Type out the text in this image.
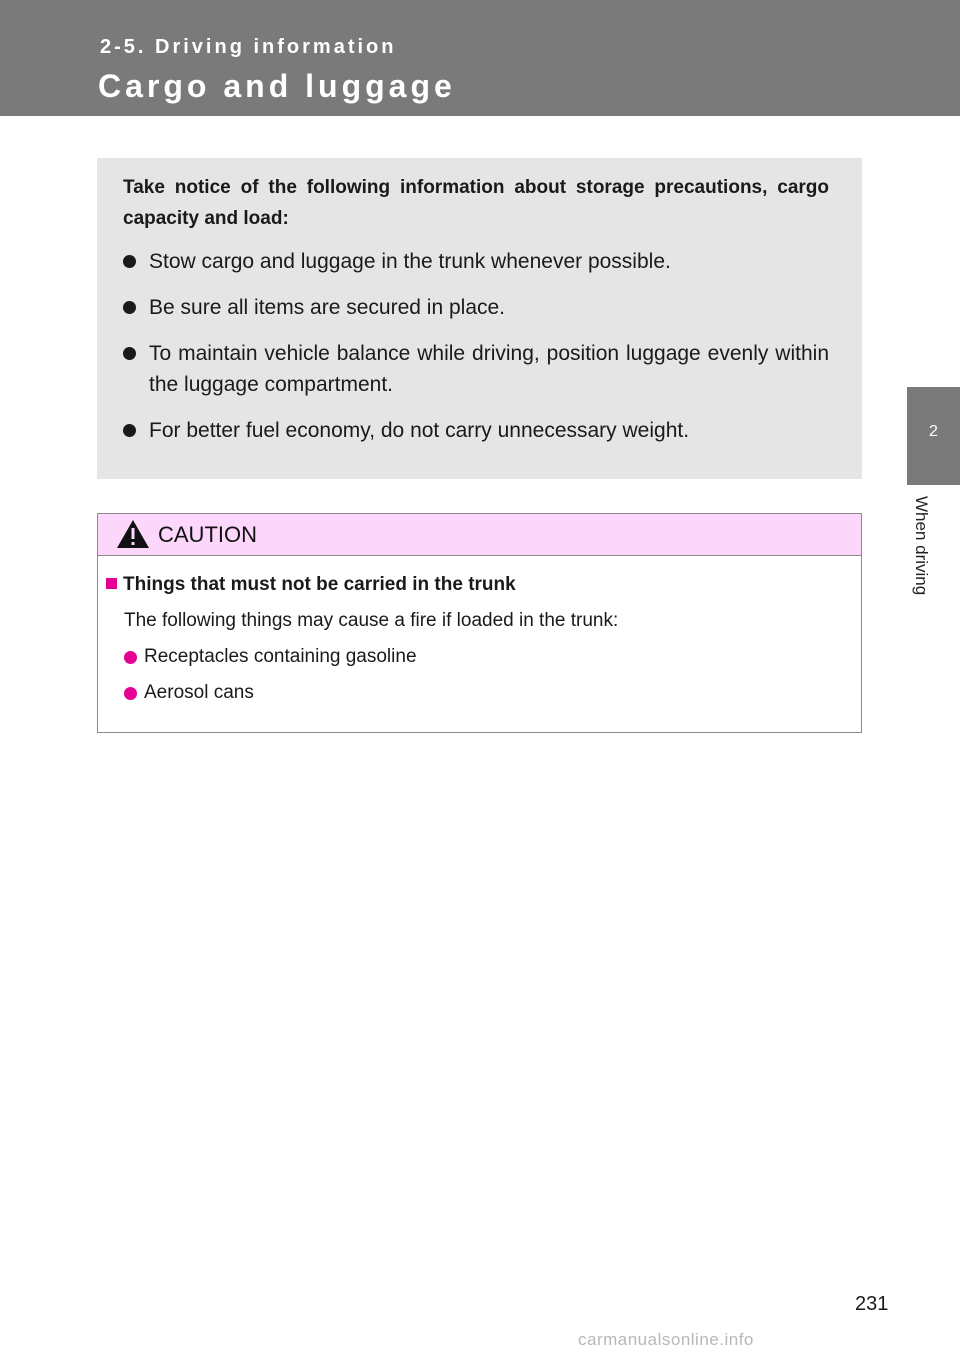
2-5. Driving information
Cargo and luggage
2
When driving
Take notice of the following information about storage precautions, cargo capacity and load:
Stow cargo and luggage in the trunk whenever possible.
Be sure all items are secured in place.
To maintain vehicle balance while driving, position luggage evenly within the luggage compartment.
For better fuel economy, do not carry unnecessary weight.
CAUTION
Things that must not be carried in the trunk
The following things may cause a fire if loaded in the trunk:
Receptacles containing gasoline
Aerosol cans
231
carmanualsonline.info
